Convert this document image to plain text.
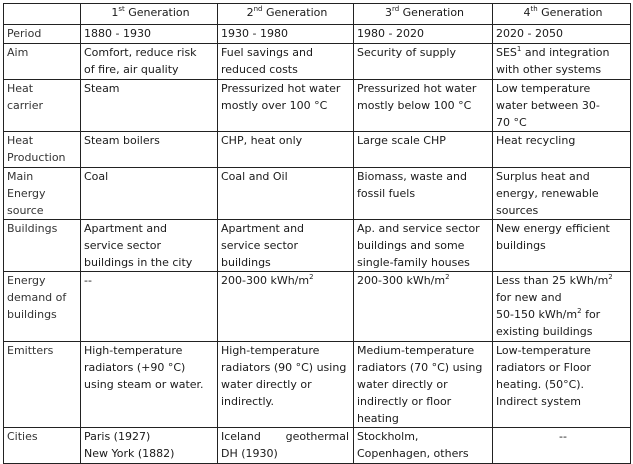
	1st Generation	2nd Generation	3rd Generation	4th Generation
Period	1880 - 1930	1930 - 1980	1980 - 2020	2020 - 2050
Aim	Comfort, reduce risk
of fire, air quality	Fuel savings and
reduced costs	Security of supply	SES$^1$ and integration
with other systems

Heat
carrier	Steam	Pressurized hot water
mostly over 100 °C	Pressurized hot water
mostly below 100 °C	Low temperature
water between 30-
70 °C

Heat
Production	Steam boilers	CHP, heat only	Large scale CHP	Heat recycling

Main
Energy
source	Coal	Coal and Oil	Biomass, waste and
fossil fuels	Surplus heat and
energy, renewable
sources

Buildings	Apartment and
service sector
buildings in the city	Apartment and
service sector
buildings	Ap. and service sector
buildings and some
single-family houses	New energy efficient
buildings

Energy
demand of
buildings	--	200-300 kWh/$m^2$	200-300 kWh/$m^2$	Less than 25 kWh/$m^2$
for new and
50-150 kWh/$m^2$ for
existing buildings

Emitters	High-temperature
radiators (+90 °C)
using steam or water.	High-temperature
radiators (90 °C) using
water directly or
indirectly.	Medium-temperature
radiators (70 °C) using
water directly or
indirectly or floor
heating	Low-temperature
radiators or Floor
heating. (50°C).
Indirect system

Cities	Paris (1927)
New York (1882)	Iceland geothermal
DH (1930)	Stockholm,
Copenhagen, others	--
